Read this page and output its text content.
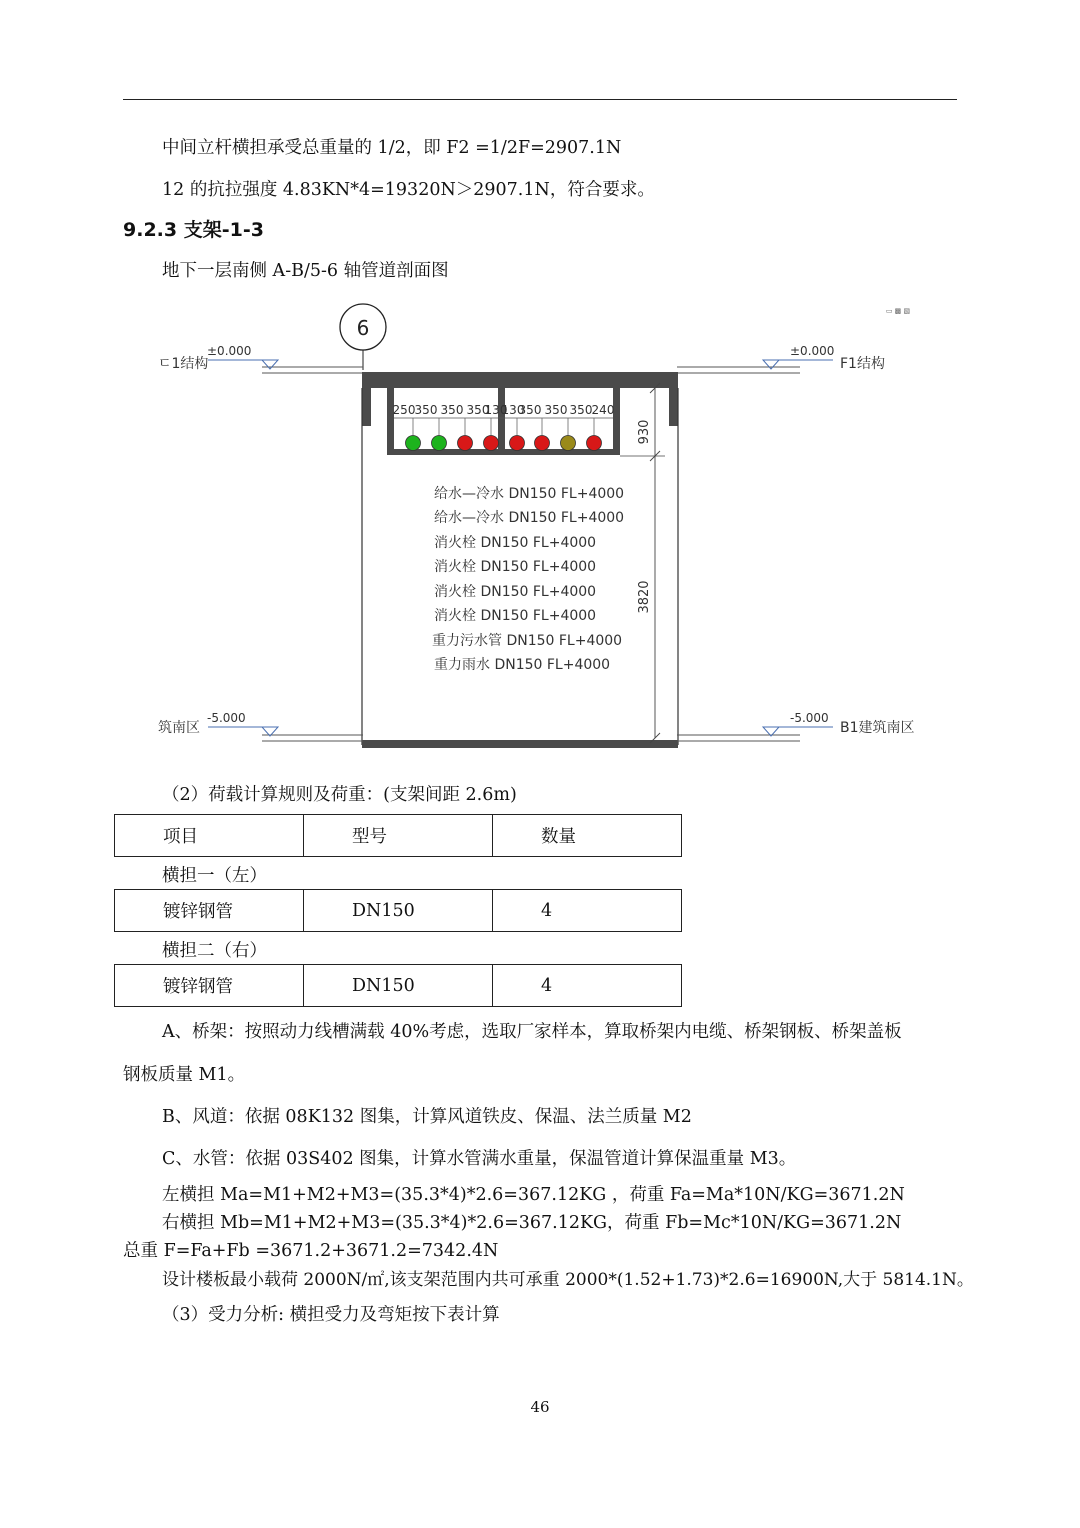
中间立杆横担承受总重量的 1/2，即 F2 =1/2F=2907.1N
12 的抗拉强度 4.83KN*4=19320N＞2907.1N，符合要求。
9.2.3 支架-1-3
地下一层南侧 A-B/5-6 轴管道剖面图
6
▭ ▩ ▧
±0.000
ㄷ1结构
±0.000
F1结构
250 350 350 350
130
130
350 350 350 240
930
3820
给水—冷水 DN150 FL+4000
给水—冷水 DN150 FL+4000
消火栓 DN150 FL+4000
消火栓 DN150 FL+4000
消火栓 DN150 FL+4000
消火栓 DN150 FL+4000
重力污水管 DN150 FL+4000
重力雨水 DN150 FL+4000
-5.000
筑南区
-5.000
B1建筑南区
（2）荷载计算规则及荷重：(支架间距 2.6m)
项目	型号	数量
横担一（左）
镀锌钢管	DN150	4
横担二（右）
镀锌钢管	DN150	4
A、桥架：按照动力线槽满载 40%考虑，选取厂家样本，算取桥架内电缆、桥架钢板、桥架盖板
钢板质量 M1。
B、风道：依据 08K132 图集，计算风道铁皮、保温、法兰质量 M2
C、水管：依据 03S402 图集，计算水管满水重量，保温管道计算保温重量 M3。
左横担 Ma=M1+M2+M3=(35.3*4)*2.6=367.12KG ，荷重 Fa=Ma*10N/KG=3671.2N
右横担 Mb=M1+M2+M3=(35.3*4)*2.6=367.12KG，荷重 Fb=Mc*10N/KG=3671.2N
总重 F=Fa+Fb =3671.2+3671.2=7342.4N
设计楼板最小载荷 2000N/㎡,该支架范围内共可承重 2000*(1.52+1.73)*2.6=16900N,大于 5814.1N。
（3）受力分析: 横担受力及弯矩按下表计算
46
